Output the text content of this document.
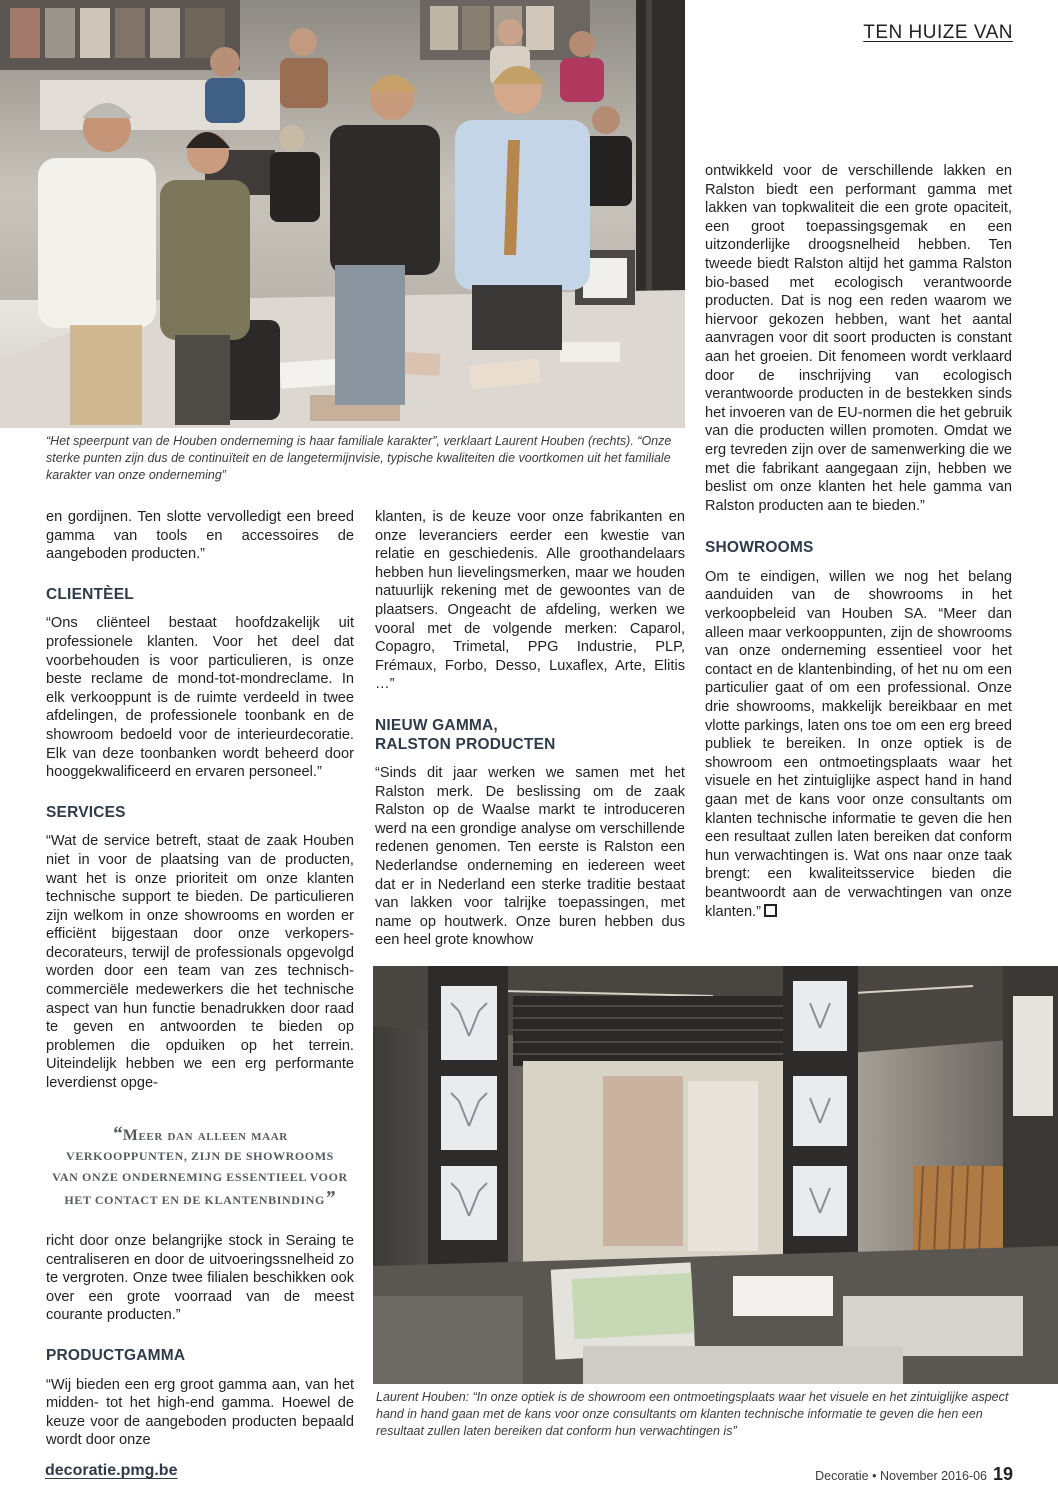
TEN HUIZE VAN
“Het speerpunt van de Houben onderneming is haar familiale karakter”, verklaart Laurent Houben (rechts). “Onze sterke punten zijn dus de continuïteit en de langetermijnvisie, typische kwaliteiten die voortkomen uit het familiale karakter van onze onderneming”

en gordijnen. Ten slotte vervolledigt een breed gamma van tools en accessoires de aangeboden producten.”

CLIENTÈEL

“Ons cliënteel bestaat hoofdzakelijk uit professionele klanten. Voor het deel dat voorbehouden is voor particulieren, is onze beste reclame de mond-tot-mondreclame. In elk verkooppunt is de ruimte verdeeld in twee afdelingen, de professionele toonbank en de showroom bedoeld voor de interieurdecoratie. Elk van deze toonbanken wordt beheerd door hooggekwalificeerd en ervaren personeel.”

SERVICES

“Wat de service betreft, staat de zaak Houben niet in voor de plaatsing van de producten, want het is onze prioriteit om onze klanten technische support te bieden. De particulieren zijn welkom in onze showrooms en worden er efficiënt bijgestaan door onze verkopers-decorateurs, terwijl de professionals opgevolgd worden door een team van zes technisch-commerciële medewerkers die het technische aspect van hun functie benadrukken door raad te geven en antwoorden te bieden op problemen die opduiken op het terrein. Uiteindelijk hebben we een erg performante leverdienst opge-

“Meer dan alleen maar
VERKOOPPUNTEN, ZIJN DE SHOWROOMS
VAN ONZE ONDERNEMING ESSENTIEEL VOOR
HET CONTACT EN DE KLANTENBINDING”

richt door onze belangrijke stock in Seraing te centraliseren en door de uitvoeringssnelheid zo te vergroten. Onze twee filialen beschikken ook over een grote voorraad van de meest courante producten.”

PRODUCTGAMMA

“Wij bieden een erg groot gamma aan, van het midden- tot het high-end gamma. Hoewel de keuze voor de aangeboden producten bepaald wordt door onze

klanten, is de keuze voor onze fabrikanten en onze leveranciers eerder een kwestie van relatie en geschiedenis. Alle groothandelaars hebben hun lievelingsmerken, maar we houden natuurlijk rekening met de gewoontes van de plaatsers. Ongeacht de afdeling, werken we vooral met de volgende merken: Caparol, Copagro, Trimetal, PPG Industrie, PLP, Frémaux, Forbo, Desso, Luxaflex, Arte, Elitis …”

NIEUW GAMMA,
RALSTON PRODUCTEN

“Sinds dit jaar werken we samen met het Ralston merk. De beslissing om de zaak Ralston op de Waalse markt te introduceren werd na een grondige analyse om verschillende redenen genomen. Ten eerste is Ralston een Nederlandse onderneming en iedereen weet dat er in Nederland een sterke traditie bestaat van lakken voor talrijke toepassingen, met name op houtwerk. Onze buren hebben dus een heel grote knowhow

ontwikkeld voor de verschillende lakken en Ralston biedt een performant gamma met lakken van topkwaliteit die een grote opaciteit, een groot toepassingsgemak en een uitzonderlijke droogsnelheid hebben. Ten tweede biedt Ralston altijd het gamma Ralston bio-based met ecologisch verantwoorde producten. Dat is nog een reden waarom we hiervoor gekozen hebben, want het aantal aanvragen voor dit soort producten is constant aan het groeien. Dit fenomeen wordt verklaard door de inschrijving van ecologisch verantwoorde producten in de bestekken sinds het invoeren van de EU-normen die het gebruik van die producten willen promoten. Omdat we erg tevreden zijn over de samenwerking die we met die fabrikant aangegaan zijn, hebben we beslist om onze klanten het hele gamma van Ralston producten aan te bieden.”

SHOWROOMS

Om te eindigen, willen we nog het belang aanduiden van de showrooms in het verkoopbeleid van Houben SA. “Meer dan alleen maar verkooppunten, zijn de showrooms van onze onderneming essentieel voor het contact en de klantenbinding, of het nu om een particulier gaat of om een professional. Onze drie showrooms, makkelijk bereikbaar en met vlotte parkings, laten ons toe om een erg breed publiek te bereiken. In onze optiek is de showroom een ontmoetingsplaats waar het visuele en het zintuiglijke aspect hand in hand gaan met de kans voor onze consultants om klanten technische informatie te geven die hen een resultaat zullen laten bereiken dat conform hun verwachtingen is. Wat ons naar onze taak brengt: een kwaliteitsservice bieden die beantwoordt aan de verwachtingen van onze klanten.”

Laurent Houben: “In onze optiek is de showroom een ontmoetingsplaats waar het visuele en het zintuiglijke aspect hand in hand gaan met de kans voor onze consultants om klanten technische informatie te geven die hen een resultaat zullen laten bereiken dat conform hun verwachtingen is”
decoratie.pmg.be	Decoratie • November 2016-06 19
